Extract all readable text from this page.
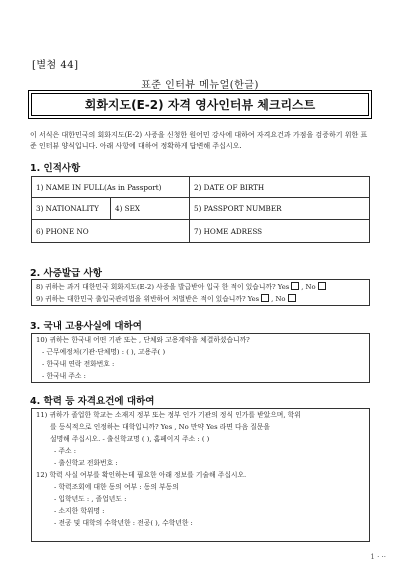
[별첨 44]
표준 인터뷰 메뉴얼(한글)
회화지도(E-2) 자격 영사인터뷰 체크리스트
이 서식은 대한민국의 회화지도(E-2) 사증을 신청한 원어민 강사에 대하여 자격요건과 가점을 검증하기 위한 표준 인터뷰 양식입니다. 아래 사항에 대하여 정확하게 답변해 주십시오.
1. 인적사항
1) NAME IN FULL(As in Passport)		2) DATE OF BIRTH
3) NATIONALITY	4) SEX	5) PASSPORT NUMBER
6) PHONE NO		7) HOME ADRESS
2. 사증발급 사항
8) 귀하는 과거 대한민국 회화지도(E-2) 사증을 발급받아 입국 한 적이 있습니까? Yes , No
9) 귀하는 대한민국 출입국관리법을 위반하여 처벌받은 적이 있습니까? Yes , No
3. 국내 고용사실에 대하여
10) 귀하는 한국내 어떤 기관 또는 , 단체와 고용계약을 체결하셨습니까?
- 근무예정처(기관·단체명) : ( ), 고용주( )
- 한국내 연락 전화번호 :
- 한국내 주소 :
4. 학력 등 자격요건에 대하여
11) 귀하가 졸업한 학교는 소재지 정부 또는 정부 인가 기관의 정식 인가를 받았으며, 학위
를 등식적으로 인정하는 대학입니까? Yes , No 만약 Yes 라면 다음 질문을
설명해 주십시오. - 출신학교명 ( ), 홈페이지 주소 : ( )
- 주소 :
- 출신학교 전화번호 :
12) 학력 사실 여부를 확인하는데 필요한 아래 정보를 기술해 주십시오.
- 학력조회에 대한 동의 여부 : 동의 부동의
- 입학년도 : , 졸업년도 :
- 소지한 학위명 :
- 전공 및 대학의 수학년한 : 전공( ), 수학년한 :
1 · ··
